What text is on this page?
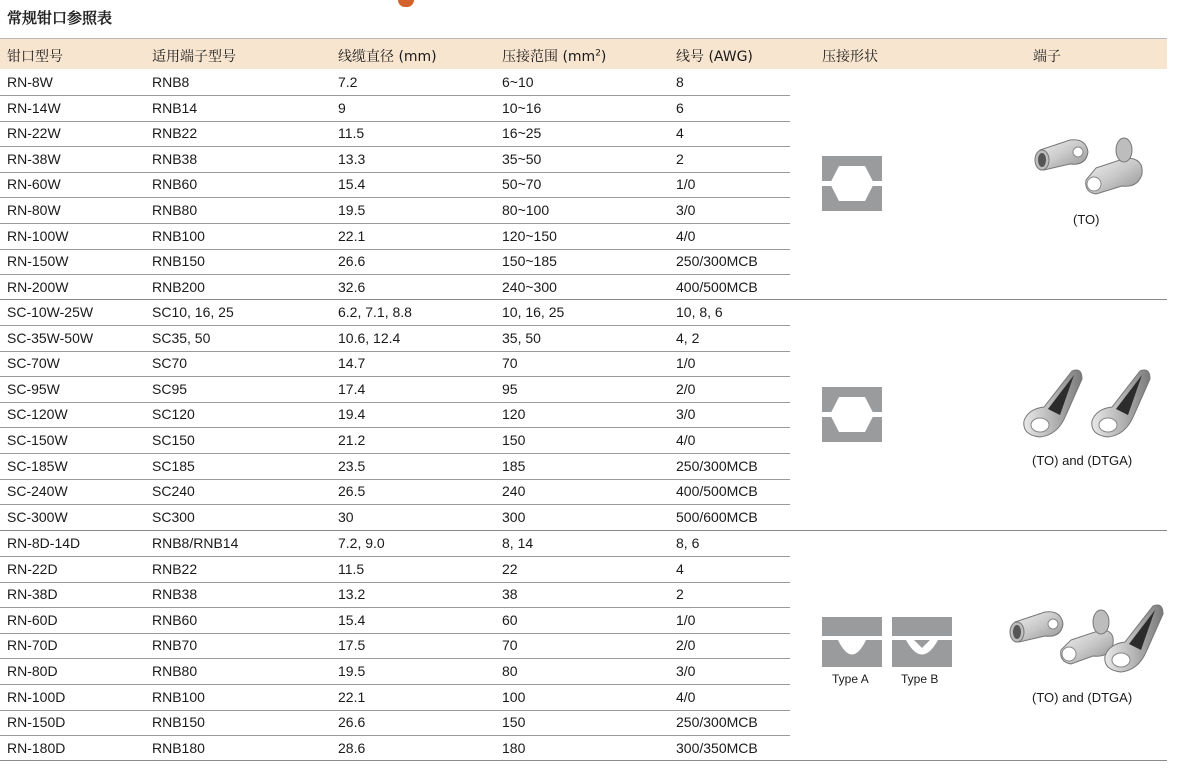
常规钳口参照表
钳口型号	适用端子型号	线缆直径 (mm)	压接范围 $(mm^2)$	线号 (AWG)	压接形状	端子
RN-8W	RNB8	7.2	6~10	8
RN-14W	RNB14	9	10~16	6
RN-22W	RNB22	11.5	16~25	4
RN-38W	RNB38	13.3	35~50	2
RN-60W	RNB60	15.4	50~70	1/0
RN-80W	RNB80	19.5	80~100	3/0
RN-100W	RNB100	22.1	120~150	4/0
RN-150W	RNB150	26.6	150~185	250/300MCB
RN-200W	RNB200	32.6	240~300	400/500MCB
SC-10W-25W	SC10, 16, 25	6.2, 7.1, 8.8	10, 16, 25	10, 8, 6
SC-35W-50W	SC35, 50	10.6, 12.4	35, 50	4, 2
SC-70W	SC70	14.7	70	1/0
SC-95W	SC95	17.4	95	2/0
SC-120W	SC120	19.4	120	3/0
SC-150W	SC150	21.2	150	4/0
SC-185W	SC185	23.5	185	250/300MCB
SC-240W	SC240	26.5	240	400/500MCB
SC-300W	SC300	30	300	500/600MCB
RN-8D-14D	RNB8/RNB14	7.2, 9.0	8, 14	8, 6
RN-22D	RNB22	11.5	22	4
RN-38D	RNB38	13.2	38	2
RN-60D	RNB60	15.4	60	1/0
RN-70D	RNB70	17.5	70	2/0
RN-80D	RNB80	19.5	80	3/0
RN-100D	RNB100	22.1	100	4/0
RN-150D	RNB150	26.6	150	250/300MCB
RN-180D	RNB180	28.6	180	300/350MCB
Type A	Type B
(TO)
(TO) and (DTGA)
(TO) and (DTGA)
